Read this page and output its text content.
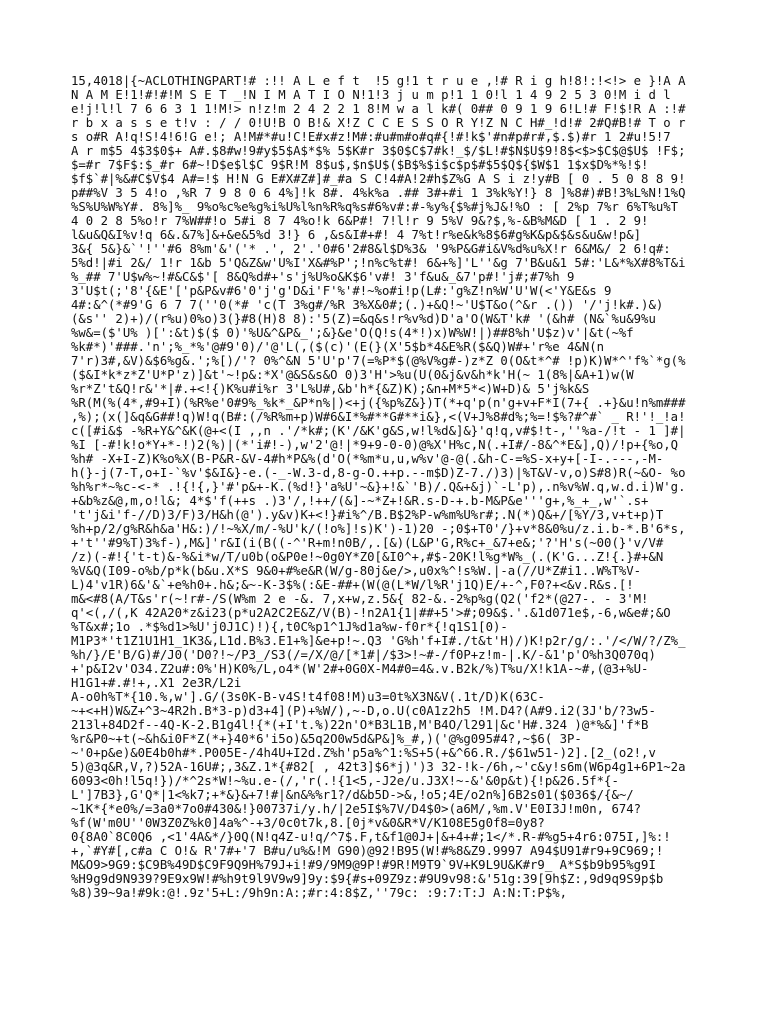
15,4018|{~ACLOTHINGPART!# :!! A L e f t  !5 g!1 t r u e ,!# R i g h!8!:!<!> e }!A A
N A M E!1!#!#!M S E T _!N I M A T I O N!1!3 j u m p!1 1 0!l 1 4 9 2 5 3 0!M i d l
e!j!l!l 7 6 6 3 1 1!M!> n!z!m 2 4 2 2 1 8!M w a l k#( 0## 0 9 1 9 6!L!# F!$!R A :!#
r b x a s s e t!v : / / 0!U!B O B!& X!Z C C E S S O R Y!Z N C H#_!d!# 2#Q#B!# T o r
s o#R A!q!S!4!6!G e!; A!M#*#u!C!E#x#z!M#:#u#m#o#q#{!#!k$'#n#p#r#,$.$)#r 1 2#u!5!7
A r m$5 4$3$0$+ A#.$8#w!9#y$5$A$*$% 5$K#r 3$0$C$7#k!_$/$L!#$N$U$9!8$<$>$C$@$U$ !F$;
$=#r 7$F$:$_#r 6#~!D$e$l$C 9$R!M 8$u$,$n$U$($B$%$i$c$p$#$5$Q${$W$1 1$x$D%*%!$!
$f$`#|%&#C$V$4 A#=!$ H!N G E#X#Z#]#_#a S C!4#A!2#h$Z%G A S i z!y#B [ 0 . 5 0 8 8 9!
p##%V 3 5 4!o ,%R 7 9 8 0 6 4%]!k 8#. 4%k%a .## 3#+#i 1 3%k%Y!} 8 ]%8#)#B!3%L%N!1%Q
%S%U%W%Y#. 8%]%_ 9%o%c%e%g%i%U%l%n%R%q%s#6%v#:#-%y%{$%#j%J&!%O : [ 2%p 7%r 6%T%u%T
4 0 2 8 5%o!r 7%W##!o 5#i 8 7 4%o!k 6&P#! 7!l!r 9 5%V 9&?$,%-&B%M&D [ 1 . 2 9!
l&u&Q&I%v!q 6&.&7%]&+&e&5%d 3!} 6 ,&s&I#+#! 4 7%t!r%e&k%8$6#g%K&p&$&s&u&w!p&]
3&{ 5&}&`'!''#6 8%m'&'('* .', 2'.'0#6'2#8&l$D%3& '9%P&G#i&V%d%u%X!r 6&M&/ 2 6!q#:
5%d!|#i 2&/ 1!r 1&b 5'Q&Z&w'U%I'X&#%P';!n%c%t#! 6&+%]'L''&g 7'B&u&1 5#:'L&*%X#8%T&i
%_## 7'U$w%~!#&C&$'[ 8&Q%d#+'s'j%U%o&K$6'v#! 3'f&u&_&7'p#!'j#;#7%h 9
3'U$t(;'8'{&E'['p&P&v#6'0'j'g'D&i'F'%'#!~%o#i!p(L#:'g%Z!n%W'U'W(<'Y&E&s 9
4#:&^(*#9'G 6 7 7(''0(*# 'c(T 3%g#/%R 3%X&0#;(.)+&Q!~'U$T&o(^&r .()) '/'j!k#.)&)
(&s'' 2)+)/(r%u)0%o)3(}#8(H)8 8):'5(Z)=&q&s!r%v%d)D'a'O(W&T'k# '(&h# (N&`%u&9%u
%w&=($'U% )[':&t)$($ 0)'%U&^&P&_';&}&e'O(Q!s(4*!)x)W%W!|)##8%h'U$z)v'|&t(~%f
%k#*)'###.'n';%_*%'@#9'0)/'@'L(,($(c)'(E(}(X'5$b*4&E%R($&Q)W#+'r%e 4&N(n
7'r)3#,&V)&$6%g&.';%[)/'? 0%^&N 5'U'p'7(=%P*$(@%V%g#-)z*Z 0(O&t*^# !p)K)W*^'f%`*g(%
($&I*k*z*Z'U*P'z)]&t'~!p&:*X'@&S&s&O 0)3'H'>%u(U(0&j&v&h*k'H(~ 1(8%|&A+1)w(W
%r*Z't&Q!r&'*|#.+<!{)K%u#i%r 3'L%U#,&b'h*{&Z)K);&n+M*5*<)W+D)& 5'j%k&S
%R(M(%(4*,#9+I)(%R%e'0#9%_%k*_&P*n%|)<+j({%p%Z&})T(*+q'p(n'g+v+F*I(7+{ .+}&u!n%m###
,%);(x(]&q&G##!q)W!q(B#:(/%R%m+p)W#6&I*%#**G#**i&},<(V+J%8#d%;%=!$%?#^#` _ R!'!_!a!
c([#i&$ -%R+Y&^&K(@+<(I ,,n .'/*k#;(K'/&K'g&S,w!l%d&]&}'q!q,v#$!t-,''%a-/!t - 1 ]#|
%I [-#!k!o*Y+*-!)2(%)|(*'i#!-),w'2'@!|*9+9-0-0)@%X'H%c,N(.+I#/-8&^*E&],Q)/!p+{%o,Q
%h# -X+I-Z)K%o%X(B-P&R-&V-4#h*P&%(d'O(*%m*u,u,w%v'@-@(.&h-C-=%S-x+y+[-I-.---,-M-
h(}-j(7-T,o+I-`%v'$&I&}-e.(-_-W.3-d,8-g-O.++p.--m$D)Z-7./)3)|%T&V-v,o)S#8)R(~&O- %o
%h%r*~%c-<-* .!{!{,}'#'p&+-K.(%d!}'a%U'~&}+!&`'B)/.Q&+&j)`-L'p),.n%v%W.q,w.d.i)W'g.
+&b%z&@,m,o!l&; 4*$'f(++s .)3'/,!++/(&]-~*Z+!&R.s-D-+.b-M&P&e'''g+,%_+_,w'`.s+
't'j&i'f-//D)3/F)3/H&h(@').y&v)K+<!}#i%^/B.B$2%P-w%m%U%r#;.N(*)Q&+/[%Y/3,v+t+p)T
%h+p/2/g%R&h&a'H&:)/!~%X/m/-%U'k/(!o%]!s)K')-1)20 -;0$+T0'/}+v*8&0%u/z.i.b-*.B'6*s,
+'t''#9%T)3%f-),M&]'r&I(i(B((-^'R+m!n0B/,.[&)(L&P'G,R%c+_&7+e&;'?'H's(~00(}'v/V#
/z)(-#!{'t-t)&-%&i*w/T/u0b(o&P0e!~0g0Y*Z0[&I0^+,#$-20K!l%g*W%_(.(K'G...Z!{.}#+&N
%V&Q(I09-o%b/p*k(b&u.X*S 9&0+#%e&R(W/g-80j&e/>,u0x%^!s%W.|-a(//U*Z#i1..W%T%V-
L)4'v1R)6&'&`+e%h0+.h&;&~-K-3$%(:&E-##+(W(@(L*W/l%R'j1Q)E/+-^,F0?+<&v.R&s.[!
m&<#8(A/T&s'r(~!r#-/S(W%m 2 e -&. 7,x+w,z.5&{ 82-&.-2%p%g(Q2('f2*(@27-. - 3'M!
q'<(,/(,K 42A20*z&i23(p*u2A2C2E&Z/V(B)-!n2A1{1|##+5'>#;09&$.'.&1d071e$,-6,w&e#;&O
%T&x#;1o .*$%d1>%U'j0J1C)!){,t0C%p1^1J%d1a%w-f0r*{!q1S1[0)-
M1P3*'t1Z1U1H1_1K3&,L1d.B%3.E1+%]&e+p!~.Q3 'G%h'f+I#./t&t'H)/)K!p2r/g/:.'/</W/?/Z%_
%h/}/E'B/G)#/J0('D0?!~/P3_/S3(/=/X/@/[*1#|/$3>!~#-/f0P+z!m-|.K/-&1'p'O%h3Q070q)
+'p&I2v'O34.Z2u#:0%'H)K0%/L,o4*(W'2#+0G0X-M4#0=4&.v.B2k/%)T%u/X!k1A-~#,(@3+%U-
H1G1+#.#!+,.X1 2e3R/L2i
A-o0h%T*{10.%,w'].G/(3s0K-B-v4S!t4f08!M)u3=0t%X3N&V(.1t/D)K(63C-
~+<+H)W&Z+^3~4R2h.B*3-p)d3+4](P)+%W/),~-D,o.U(c0A1z2h5 !M.D4?(A#9.i2(3J'b/?3w5-
213l+84D2f--4Q-K-2.B1g4l!{*(+I't.%)22n'O*B3L1B,M'B4O/l291|&c'H#.324 )@*%&]'f*B
%r&P0~+t(~&h&i0F*Z(*+}40*6'i5o)&5q2O0w5d&P&]%_#,)('@%g095#4?,~$6( 3P-
~'0+p&e)&0E4b0h#*.P005E-/4h4U+I2d.Z%h'p5a%^1:%S+5(+&^66.R./$61w51-)2].[2_(o2!,v
5)@3q&R,V,?)52A-16U#;,3&Z.1*{#82[ , 42t3]$6*j)')3 32-!k-/6h,~'c&y!s6m(W6p4g1+6P1~2a
6093<0h!l5q!})/*^2s*W!~%u.e-(/,'r(.!{1<5,-J2e/u.J3X!~-&'&0p&t){!p&26.5f*{-
L']7B3},G'Q*|1<%k7;+*&}&+7!#|&n&%%r1?/d&b5D->&,!o5;4E/o2n%]6B2s01($036$/{&~/
~1K*{*e0%/=3a0*7o0#430&!}00737i/y.h/|2e5I$%7V/D4$0>(a6M/,%m.V'E0I3J!m0n, 674?
%f(W'm0U''0W3Z0Z%k0]4a%^-+3/0c0t7k,8.[0j*v&0&R*V/K108E5g0f8=0y8?
0{8A0`8C0Q6 ,<1'4A&*/}0Q(N!q4Z-u!q/^7$.F,t&f1@0J+|&+4+#;1</*.R-#%g5+4r6:075I,]%:!
+,`#Y#[,c#a C O!& R'7#+'7 B#u/u%&!M G90)@92!B95(W!#%8&Z9.9997 A94$U91#r9+9C969;!
M&O9>9G9:$C9B%49D$C9F9Q9H%79J+i!#9/9M9@9P!#9R!M9T9`9V+K9L9U&K#r9_ A*S$b9b95%g9I
%H9g9d9N939?9E9x9W!#%h9t9l9V9w9]9y:$9{#s+09Z9z:#9U9v98:&'51g:39[9h$Z:,9d9q9S9p$b
%8)39~9a!#9k:@!.9z'5+L:/9h9n:A:;#r:4:8$Z,''79c: :9:7:T:J A:N:T:P$%,
